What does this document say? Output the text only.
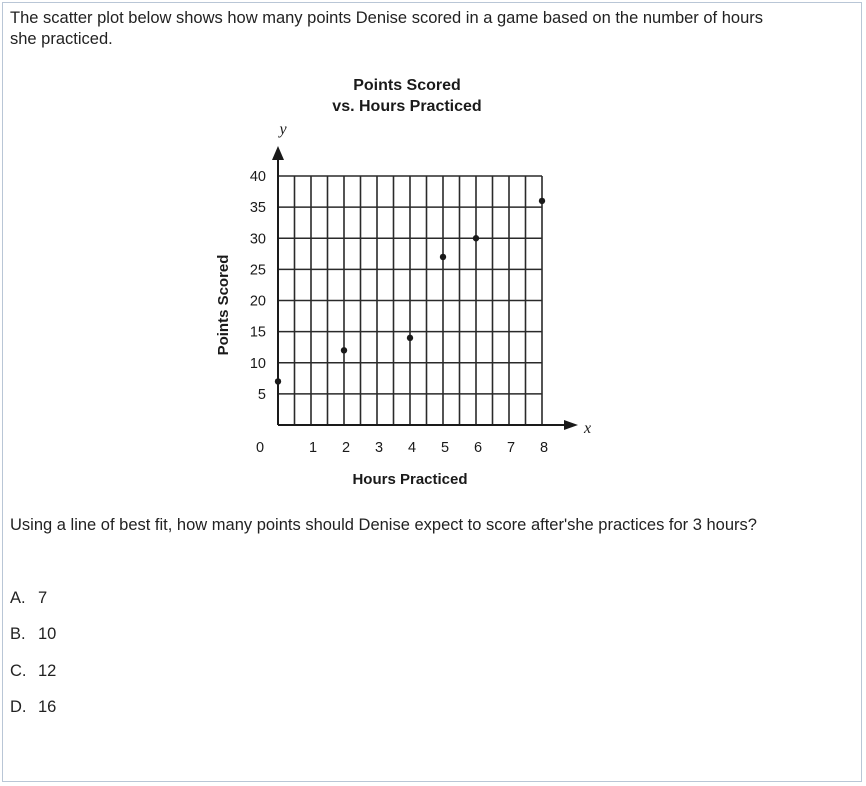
The scatter plot below shows how many points Denise scored in a game based on the number of hours she practiced.
Points Scored
vs. Hours Practiced
5
10
15
20
25
30
35
40
1 2 3 4 5 6 7 8
y
x
0
Hours Practiced
Points Scored
Using a line of best fit, how many points should Denise expect to score after'she practices for 3 hours?
A. 7
B. 10
C. 12
D. 16
